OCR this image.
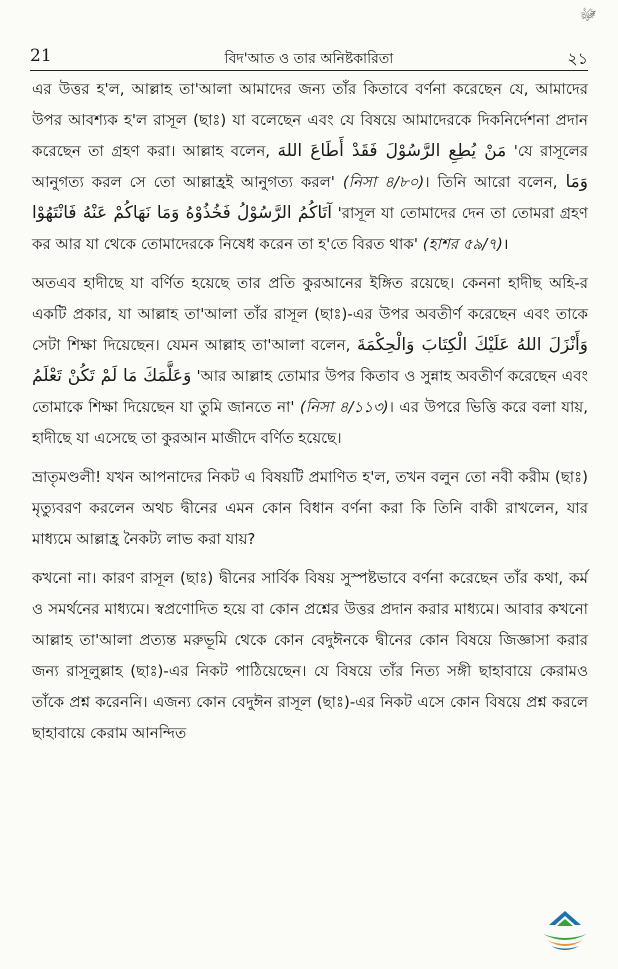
21	বিদ'আত ও তার অনিষ্টকারিতা	২১
ﷻ

এর উত্তর হ'ল, আল্লাহ তা'আলা আমাদের জন্য তাঁর কিতাবে বর্ণনা করেছেন যে, আমাদের উপর আবশ্যক হ'ল রাসূল (ছাঃ) যা বলেছেন এবং যে বিষয়ে আমাদেরকে দিকনির্দেশনা প্রদান করেছেন তা গ্রহণ করা। আল্লাহ বলেন, مَنْ يُطِعِ الرَّسُوْلَ فَقَدْ أَطَاعَ اللهَ 'যে রাসূলের আনুগত্য করল সে তো আল্লাহ্রই আনুগত্য করল' (নিসা ৪/৮০)। তিনি আরো বলেন, وَمَا آتَاكُمُ الرَّسُوْلُ فَخُذُوْهُ وَمَا نَهَاكُمْ عَنْهُ فَانْتَهُوْا 'রাসূল যা তোমাদের দেন তা তোমরা গ্রহণ কর আর যা থেকে তোমাদেরকে নিষেধ করেন তা হ'তে বিরত থাক' (হাশর ৫৯/৭)।

অতএব হাদীছে যা বর্ণিত হয়েছে তার প্রতি কুরআনের ইঙ্গিত রয়েছে। কেননা হাদীছ অহি-র একটি প্রকার, যা আল্লাহ তা'আলা তাঁর রাসূল (ছাঃ)-এর উপর অবতীর্ণ করেছেন এবং তাকে সেটা শিক্ষা দিয়েছেন। যেমন আল্লাহ তা'আলা বলেন, وَأَنْزَلَ اللهُ عَلَيْكَ الْكِتَابَ وَالْحِكْمَةَ وَعَلَّمَكَ مَا لَمْ تَكُنْ تَعْلَمُ 'আর আল্লাহ তোমার উপর কিতাব ও সুন্নাহ অবতীর্ণ করেছেন এবং তোমাকে শিক্ষা দিয়েছেন যা তুমি জানতে না' (নিসা ৪/১১৩)। এর উপরে ভিত্তি করে বলা যায়, হাদীছে যা এসেছে তা কুরআন মাজীদে বর্ণিত হয়েছে।

ভ্রাতৃমণ্ডলী! যখন আপনাদের নিকট এ বিষয়টি প্রমাণিত হ'ল, তখন বলুন তো নবী করীম (ছাঃ) মৃত্যুবরণ করলেন অথচ দ্বীনের এমন কোন বিধান বর্ণনা করা কি তিনি বাকী রাখলেন, যার মাধ্যমে আল্লাহ্র নৈকট্য লাভ করা যায়?

কখনো না। কারণ রাসূল (ছাঃ) দ্বীনের সার্বিক বিষয় সুস্পষ্টভাবে বর্ণনা করেছেন তাঁর কথা, কর্ম ও সমর্থনের মাধ্যমে। স্বপ্রণোদিত হয়ে বা কোন প্রশ্নের উত্তর প্রদান করার মাধ্যমে। আবার কখনো আল্লাহ তা'আলা প্রত্যন্ত মরুভূমি থেকে কোন বেদুঈনকে দ্বীনের কোন বিষয়ে জিজ্ঞাসা করার জন্য রাসূলুল্লাহ (ছাঃ)-এর নিকট পাঠিয়েছেন। যে বিষয়ে তাঁর নিত্য সঙ্গী ছাহাবায়ে কেরামও তাঁকে প্রশ্ন করেননি। এজন্য কোন বেদুঈন রাসূল (ছাঃ)-এর নিকট এসে কোন বিষয়ে প্রশ্ন করলে ছাহাবায়ে কেরাম আনন্দিত
